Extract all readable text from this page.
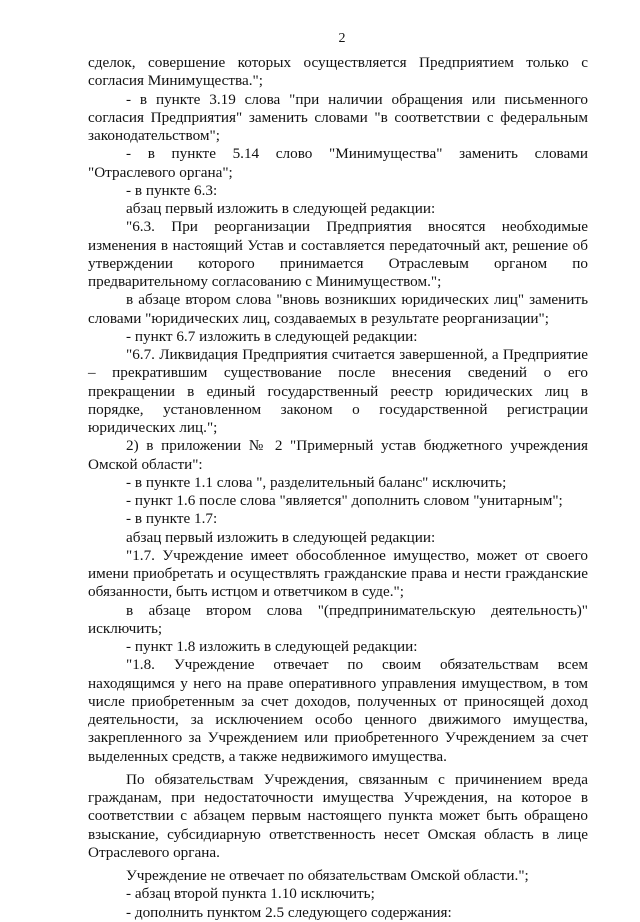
2

сделок, совершение которых осуществляется Предприятием только с согласия Минимущества.";

- в пункте 3.19 слова "при наличии обращения или письменного согласия Предприятия" заменить словами "в соответствии с федеральным законодательством";

- в пункте 5.14 слово "Минимущества" заменить словами "Отраслевого органа";

- в пункте 6.3:

абзац первый изложить в следующей редакции:

"6.3. При реорганизации Предприятия вносятся необходимые изменения в настоящий Устав и составляется передаточный акт, решение об утверждении которого принимается Отраслевым органом по предварительному согласованию с Минимуществом.";

в абзаце втором слова "вновь возникших юридических лиц" заменить словами "юридических лиц, создаваемых в результате реорганизации";

- пункт 6.7 изложить в следующей редакции:

"6.7. Ликвидация Предприятия считается завершенной, а Предприятие – прекратившим существование после внесения сведений о его прекращении в единый государственный реестр юридических лиц в порядке, установленном законом о государственной регистрации юридических лиц.";

2) в приложении № 2 "Примерный устав бюджетного учреждения Омской области":

- в пункте 1.1 слова ", разделительный баланс" исключить;

- пункт 1.6 после слова "является" дополнить словом "унитарным";

- в пункте 1.7:

абзац первый изложить в следующей редакции:

"1.7. Учреждение имеет обособленное имущество, может от своего имени приобретать и осуществлять гражданские права и нести гражданские обязанности, быть истцом и ответчиком в суде.";

в абзаце втором слова "(предпринимательскую деятельность)" исключить;

- пункт 1.8 изложить в следующей редакции:

"1.8. Учреждение отвечает по своим обязательствам всем находящимся у него на праве оперативного управления имуществом, в том числе приобретенным за счет доходов, полученных от приносящей доход деятельности, за исключением особо ценного движимого имущества, закрепленного за Учреждением или приобретенного Учреждением за счет выделенных средств, а также недвижимого имущества.

По обязательствам Учреждения, связанным с причинением вреда гражданам, при недостаточности имущества Учреждения, на которое в соответствии с абзацем первым настоящего пункта может быть обращено взыскание, субсидиарную ответственность несет Омская область в лице Отраслевого органа.

Учреждение не отвечает по обязательствам Омской области.";

- абзац второй пункта 1.10 исключить;

- дополнить пунктом 2.5 следующего содержания:
